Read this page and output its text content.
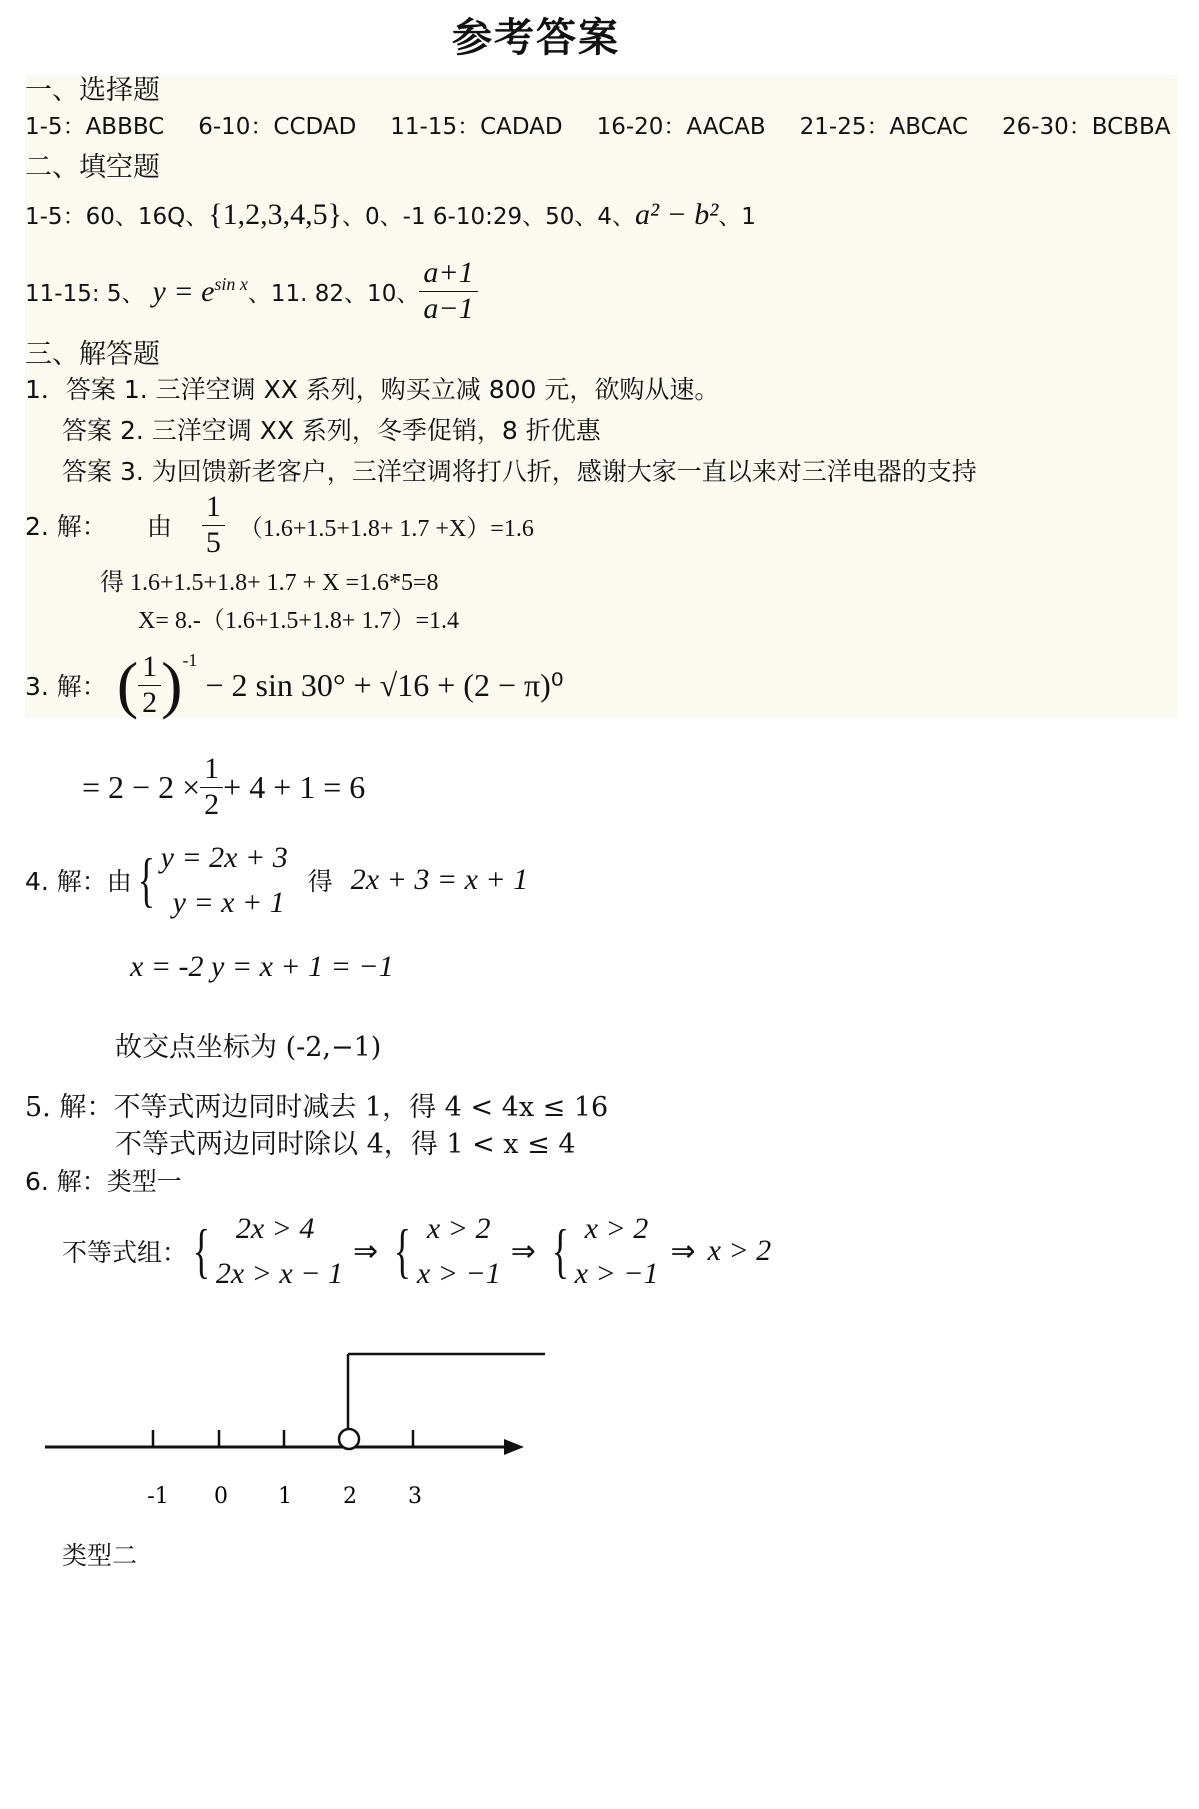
参考答案
一、选择题
1-5：ABBBC 6-10：CCDAD 11-15：CADAD 16-20：AACAB 21-25：ABCAC 26-30：BCBBA
二、填空题
1-5：60、16Q、{1,2,3,4,5}、0、-1 6-10:29、50、4、a² − b²、1
11-15: 5、 $y = e^{sin x}$ 、11. 82、10、 $\frac{a+1}{a-1}$
三、解答题
1．答案 1. 三洋空调 XX 系列，购买立减 800 元，欲购从速。
答案 2. 三洋空调 XX 系列，冬季促销，8 折优惠
答案 3. 为回馈新老客户，三洋空调将打八折，感谢大家一直以来对三洋电器的支持
2. 解： 由 $\frac{1}{5} (1.6+1.5+1.8+ 1.7 +X)=1.6$
得 1.6+1.5+1.8+ 1.7 + X =1.6*5=8
X= 8.-（1.6+1.5+1.8+ 1.7）=1.4
3. 解： ( $\frac{1}{2} )^{-1}$
− 2 sin 30° + √16 + (2 − π)⁰
= $2 - 2 \times \frac{1}{2} + 4 + 1 = 6$
4. 解：由 { y = 2x + 3
y = x + 1
得 2x + 3 = x + 1
x = -2 y = x + 1 = −1
故交点坐标为 (-2,−1)
5. 解：不等式两边同时减去 1，得 4 < 4x ≤ 16
不等式两边同时除以 4，得 1 < x ≤ 4
6. 解：类型一
不等式组： { 2x > 4
2x > x − 1
⇒ { x > 2
x > −1
⇒ { x > 2
x > −1
⇒ x > 2
-1 0 1 2 3
类型二
